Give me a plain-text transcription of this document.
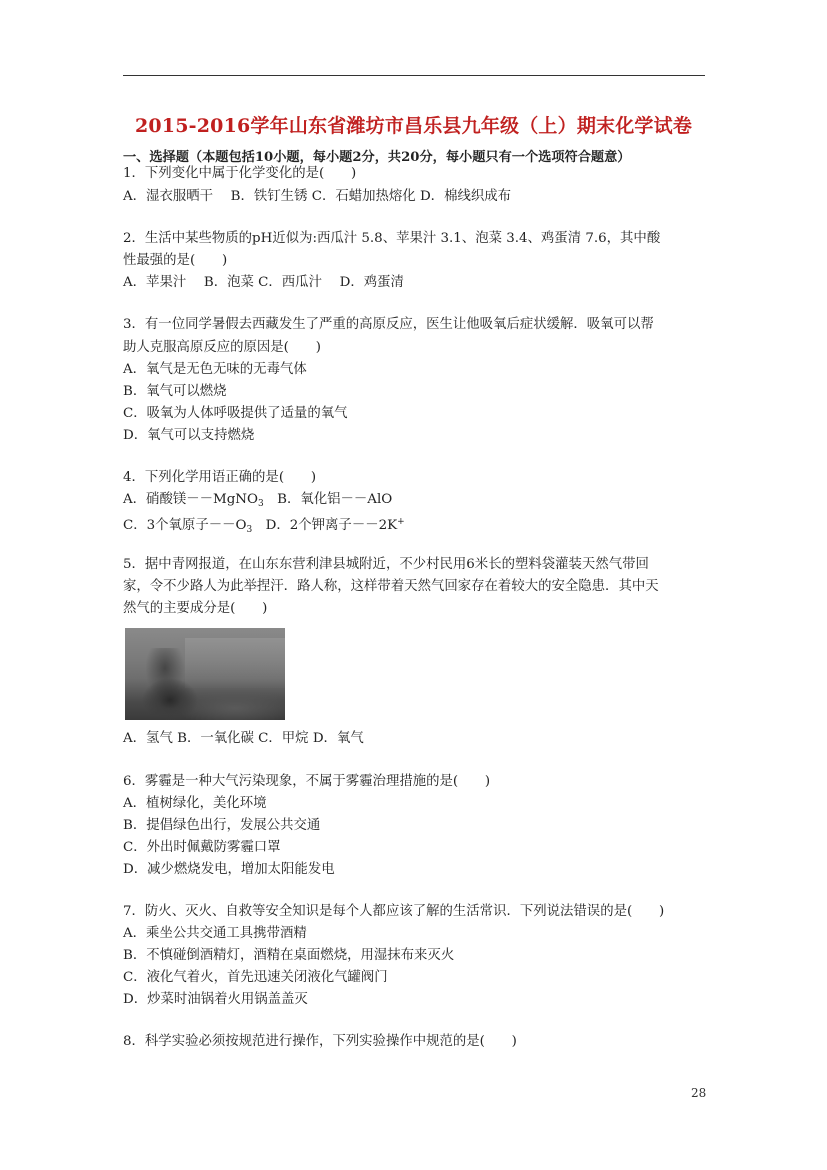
2015-2016学年山东省潍坊市昌乐县九年级（上）期末化学试卷
一、选择题（本题包括10小题，每小题2分，共20分，每小题只有一个选项符合题意）
1．下列变化中属于化学变化的是(　　)
A．湿衣服晒干　 B．铁钉生锈 C．石蜡加热熔化 D．棉线织成布
2．生活中某些物质的pH近似为:西瓜汁 5.8、苹果汁 3.1、泡菜 3.4、鸡蛋清 7.6，其中酸
性最强的是(　　)
A．苹果汁　 B．泡菜 C．西瓜汁　 D．鸡蛋清
3．有一位同学暑假去西藏发生了严重的高原反应，医生让他吸氧后症状缓解．吸氧可以帮
助人克服高原反应的原因是(　　)
A．氧气是无色无味的无毒气体
B．氧气可以燃烧
C．吸氧为人体呼吸提供了适量的氧气
D．氧气可以支持燃烧
4．下列化学用语正确的是(　　)
A．硝酸镁－－MgNO$_3$　B．氧化铝－－AlO
C．3个氧原子$--O_3$　D．2个钾离子－－2K+
5．据中青网报道，在山东东营利津县城附近，不少村民用6米长的塑料袋灌装天然气带回
家，令不少路人为此举捏汗．路人称，这样带着天然气回家存在着较大的安全隐患．其中天
然气的主要成分是(　　)
A．氢气 B．一氧化碳 C．甲烷 D．氧气
6．雾霾是一种大气污染现象，不属于雾霾治理措施的是(　　)
A．植树绿化，美化环境
B．提倡绿色出行，发展公共交通
C．外出时佩戴防雾霾口罩
D．减少燃烧发电，增加太阳能发电
7．防火、灭火、自救等安全知识是每个人都应该了解的生活常识．下列说法错误的是(　　)
A．乘坐公共交通工具携带酒精
B．不慎碰倒酒精灯，酒精在桌面燃烧，用湿抹布来灭火
C．液化气着火，首先迅速关闭液化气罐阀门
D．炒菜时油锅着火用锅盖盖灭
8．科学实验必须按规范进行操作，下列实验操作中规范的是(　　)
28
